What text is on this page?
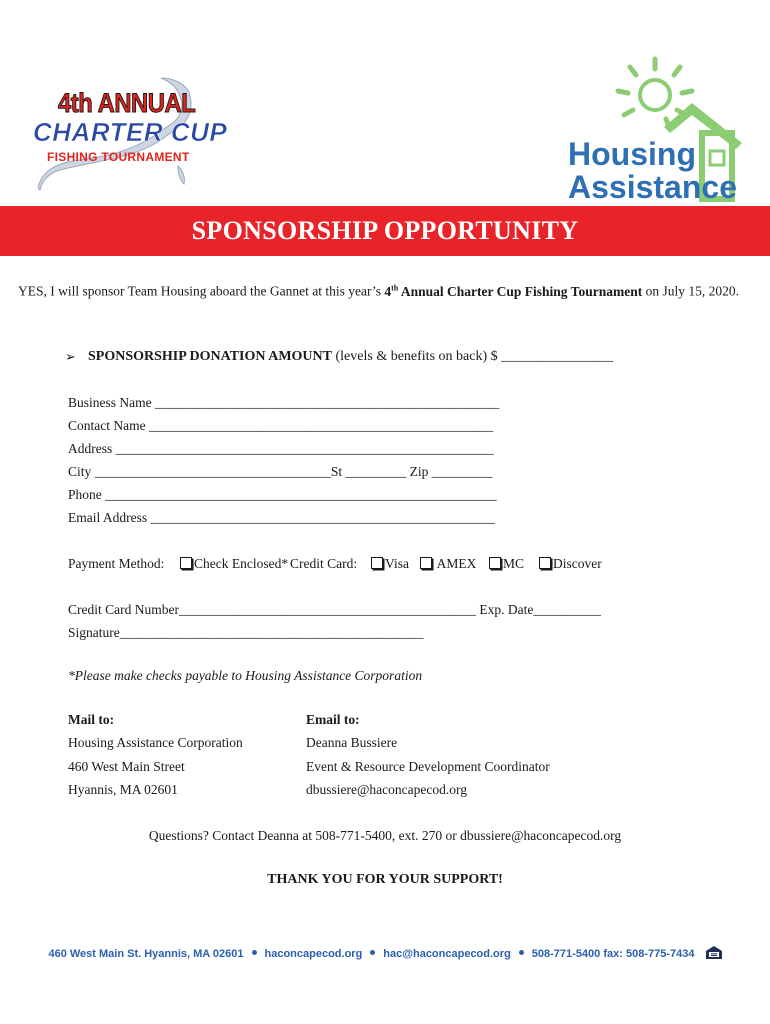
4th ANNUAL
CHARTER CUP
FISHING TOURNAMENT	Housing
Assistance
SPONSORSHIP OPPORTUNITY
YES, I will sponsor Team Housing aboard the Gannet at this year’s 4th Annual Charter Cup Fishing Tournament on July 15, 2020.
➢ SPONSORSHIP DONATION AMOUNT (levels & benefits on back) $ ________________
Business Name ___________________________________________________
Contact Name ___________________________________________________
Address ________________________________________________________
City ___________________________________St _________ Zip _________
Phone __________________________________________________________
Email Address ___________________________________________________
Payment Method:	Check Enclosed* Credit Card:	Visa	AMEX	MC	Discover
Credit Card Number____________________________________________ Exp. Date__________
Signature_____________________________________________
*Please make checks payable to Housing Assistance Corporation
Mail to:
Housing Assistance Corporation
460 West Main Street
Hyannis, MA 02601
Email to:
Deanna Bussiere
Event & Resource Development Coordinator
dbussiere@haconcapecod.org
Questions? Contact Deanna at 508-771-5400, ext. 270 or dbussiere@haconcapecod.org
THANK YOU FOR YOUR SUPPORT!
460 West Main St. Hyannis, MA 02601 haconcapecod.org hac@haconcapecod.org 508-771-5400 fax: 508-775-7434
